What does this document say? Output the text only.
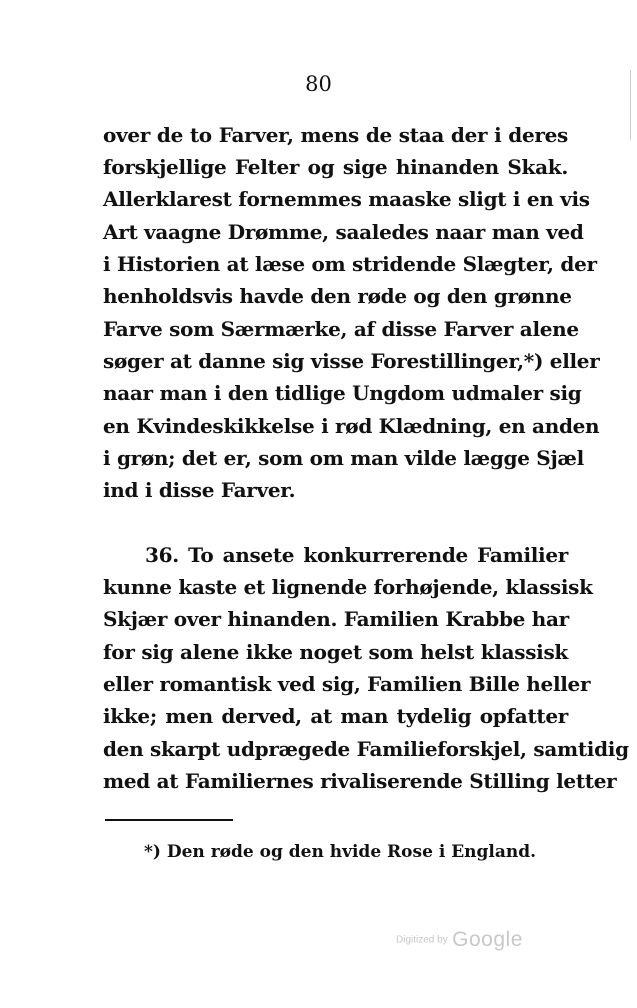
80
over de to Farver, mens de staa der i deres
forskjellige Felter og sige hinanden Skak.
Allerklarest fornemmes maaske sligt i en vis
Art vaagne Drømme, saaledes naar man ved
i Historien at læse om stridende Slægter, der
henholdsvis havde den røde og den grønne
Farve som Særmærke, af disse Farver alene
søger at danne sig visse Forestillinger,*) eller
naar man i den tidlige Ungdom udmaler sig
en Kvindeskikkelse i rød Klædning, en anden
i grøn; det er, som om man vilde lægge Sjæl
ind i disse Farver.
36. To ansete konkurrerende Familier
kunne kaste et lignende forhøjende, klassisk
Skjær over hinanden. Familien Krabbe har
for sig alene ikke noget som helst klassisk
eller romantisk ved sig, Familien Bille heller
ikke; men derved, at man tydelig opfatter
den skarpt udprægede Familieforskjel, samtidig
med at Familiernes rivaliserende Stilling letter
*) Den røde og den hvide Rose i England.
Digitized by Google
